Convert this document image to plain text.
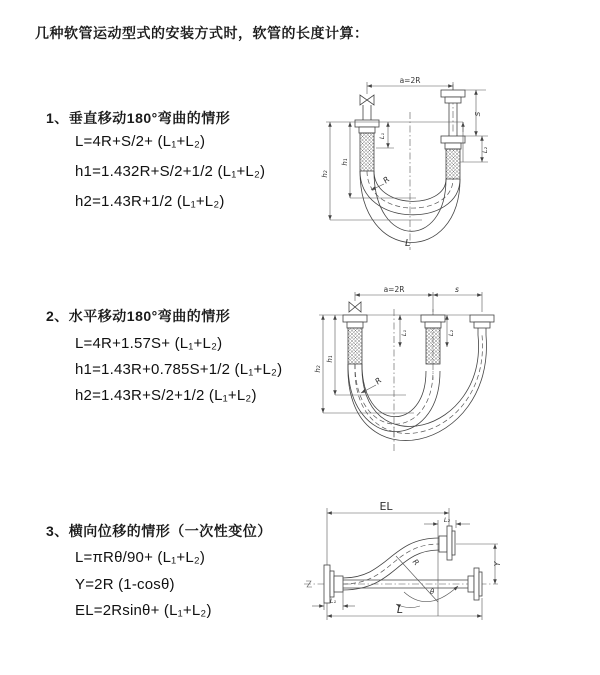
几种软管运动型式的安装方式时，软管的长度计算：
1、垂直移动180°弯曲的情形
L=4R+S/2+ (L₁+L₂)
h1=1.432R+S/2+1/2 (L₁+L₂)
h2=1.43R+1/2 (L₁+L₂)
2、水平移动180°弯曲的情形
L=4R+1.57S+ (L₁+L₂)
h1=1.43R+0.785S+1/2 (L₁+L₂)
h2=1.43R+S/2+1/2 (L₁+L₂)
3、横向位移的情形（一次性变位）
L=πRθ/90+ (L₁+L₂)
Y=2R (1-cosθ)
EL=2Rsinθ+ (L₁+L₂)
a=2R
h₁
h₂
L₁
S
L₂
R
L
a=2R	s
h₁
h₂
L₁	L₂
R
EL
L₂
Y
R
θ
L₁
L
